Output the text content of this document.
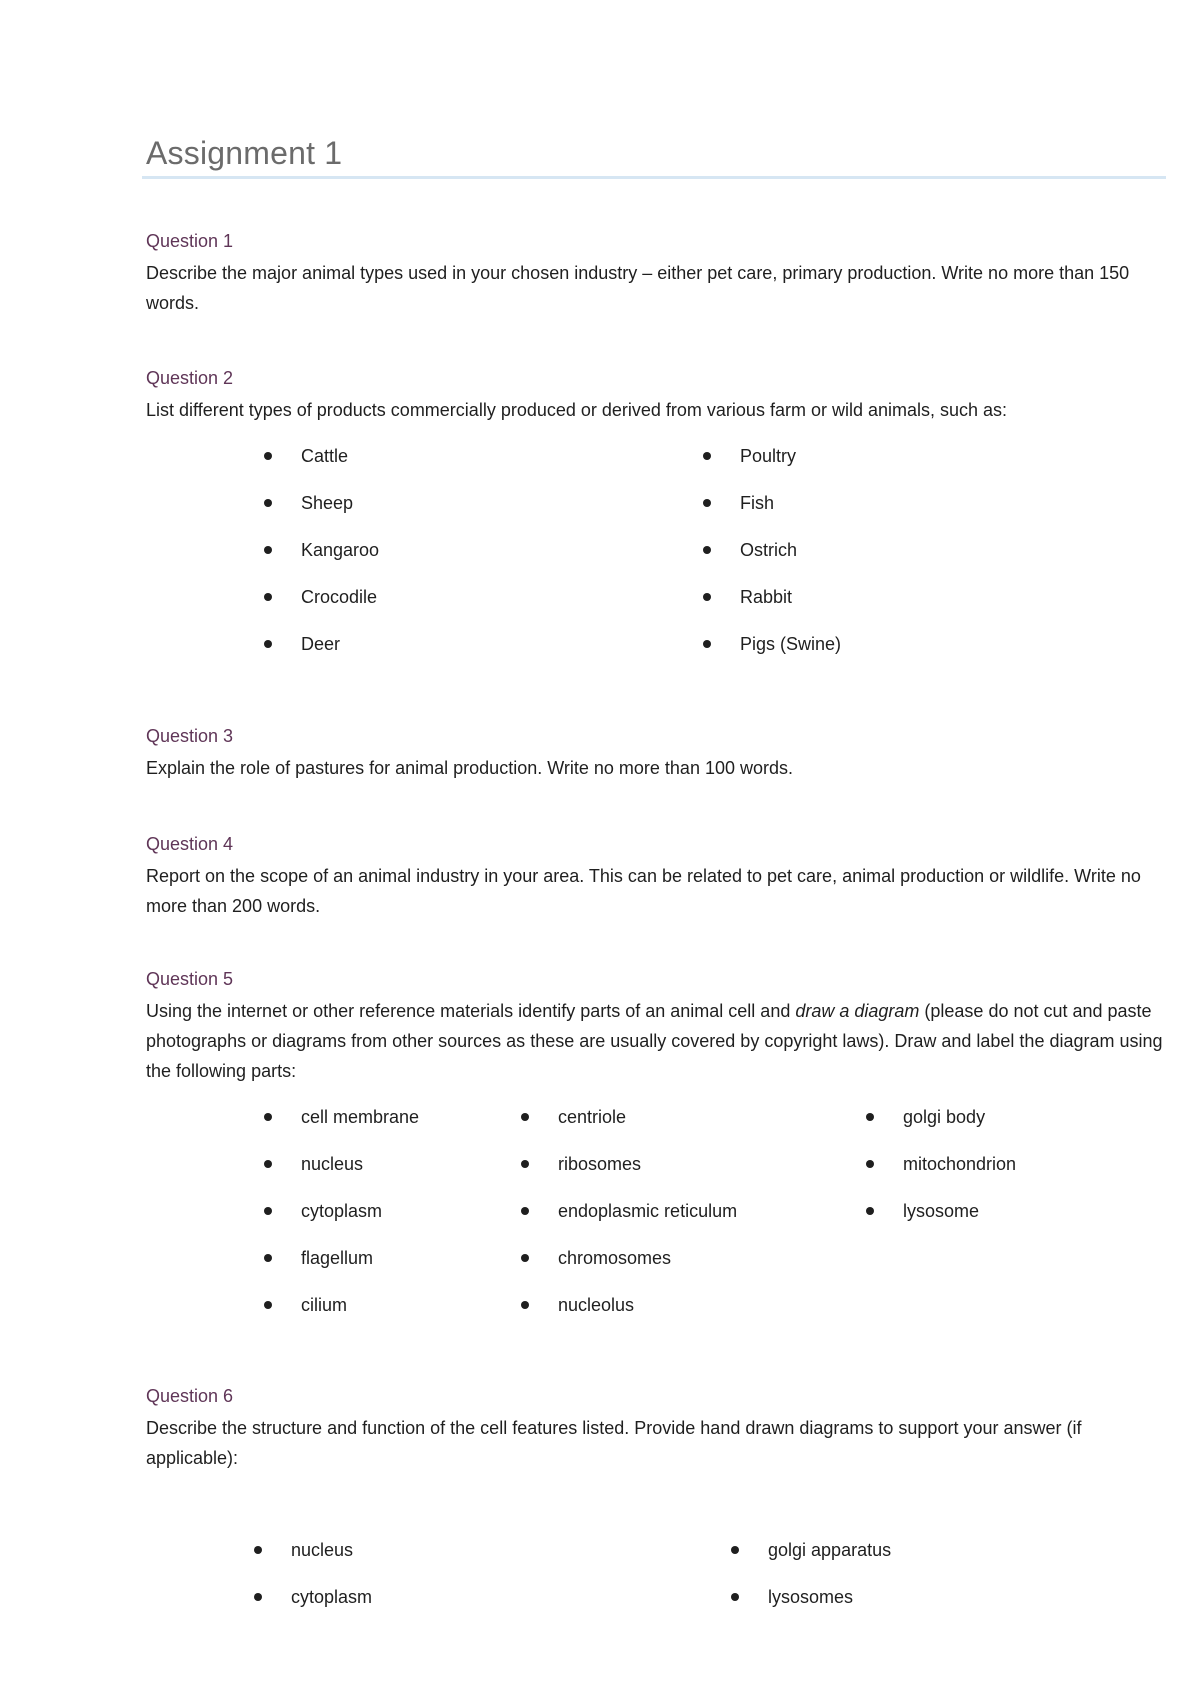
Assignment 1

Question 1

Describe the major animal types used in your chosen industry – either pet care, primary production. Write no more than 150 words.

Question 2

List different types of products commercially produced or derived from various farm or wild animals, such as:

Cattle
Sheep
Kangaroo
Crocodile
Deer
Poultry
Fish
Ostrich
Rabbit
Pigs (Swine)

Question 3

Explain the role of pastures for animal production. Write no more than 100 words.

Question 4

Report on the scope of an animal industry in your area. This can be related to pet care, animal production or wildlife. Write no more than 200 words.

Question 5

Using the internet or other reference materials identify parts of an animal cell and draw a diagram (please do not cut and paste photographs or diagrams from other sources as these are usually covered by copyright laws). Draw and label the diagram using the following parts:

cell membrane
nucleus
cytoplasm
flagellum
cilium
centriole
ribosomes
endoplasmic reticulum
chromosomes
nucleolus
golgi body
mitochondrion
lysosome

Question 6

Describe the structure and function of the cell features listed. Provide hand drawn diagrams to support your answer (if applicable):

nucleus
cytoplasm
golgi apparatus
lysosomes
